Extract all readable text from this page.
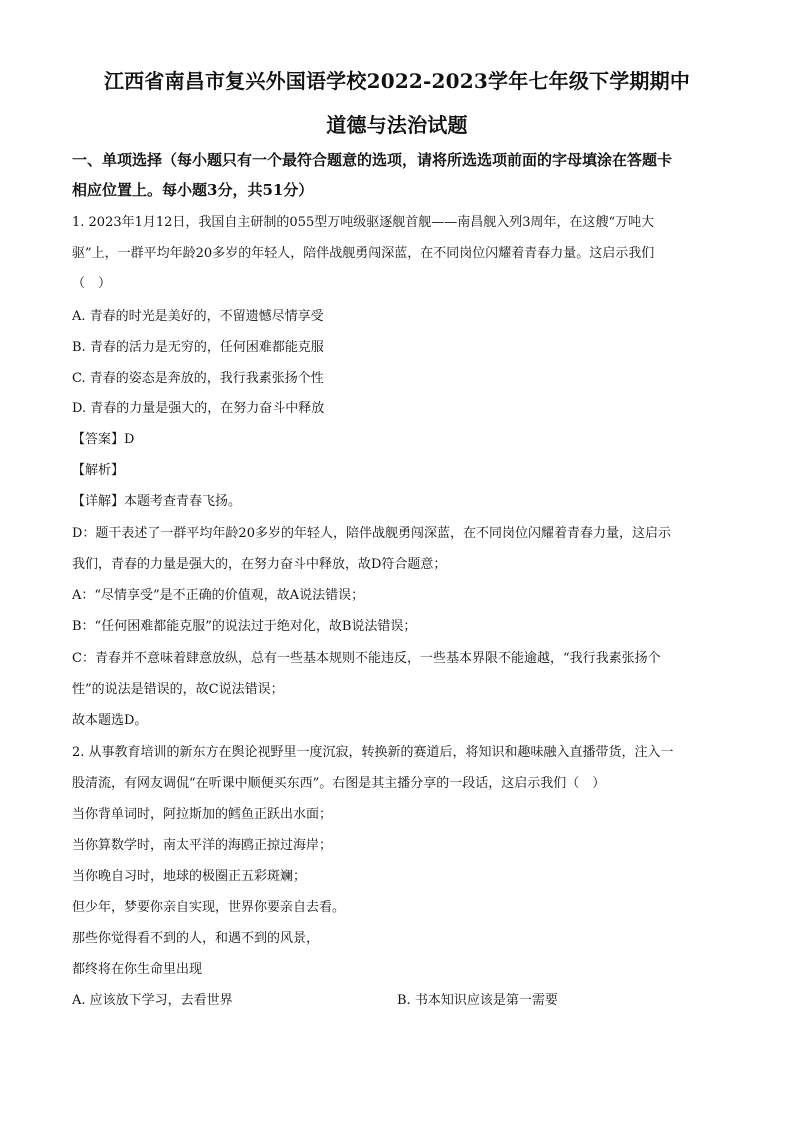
江西省南昌市复兴外国语学校2022-2023学年七年级下学期期中
道德与法治试题
一、单项选择（每小题只有一个最符合题意的选项，请将所选选项前面的字母填涂在答题卡
相应位置上。每小题3分，共51分）
1. 2023年1月12日，我国自主研制的055型万吨级驱逐舰首舰——南昌舰入列3周年，在这艘“万吨大
驱”上，一群平均年龄20多岁的年轻人，陪伴战舰勇闯深蓝，在不同岗位闪耀着青春力量。这启示我们
（　）
A. 青春的时光是美好的，不留遗憾尽情享受
B. 青春的活力是无穷的，任何困难都能克服
C. 青春的姿态是奔放的，我行我素张扬个性
D. 青春的力量是强大的，在努力奋斗中释放
【答案】D
【解析】
【详解】本题考查青春飞扬。
D：题干表述了一群平均年龄20多岁的年轻人，陪伴战舰勇闯深蓝，在不同岗位闪耀着青春力量，这启示
我们，青春的力量是强大的，在努力奋斗中释放，故D符合题意；
A：“尽情享受”是不正确的价值观，故A说法错误；
B：“任何困难都能克服”的说法过于绝对化，故B说法错误；
C：青春并不意味着肆意放纵，总有一些基本规则不能违反，一些基本界限不能逾越，“我行我素张扬个
性”的说法是错误的，故C说法错误；
故本题选D。
2. 从事教育培训的新东方在舆论视野里一度沉寂，转换新的赛道后，将知识和趣味融入直播带货，注入一
股清流，有网友调侃“在听课中顺便买东西”。右图是其主播分享的一段话，这启示我们（　）
当你背单词时，阿拉斯加的鳕鱼正跃出水面；
当你算数学时，南太平洋的海鸥正掠过海岸；
当你晚自习时，地球的极圈正五彩斑斓；
但少年，梦要你亲自实现，世界你要亲自去看。
那些你觉得看不到的人，和遇不到的风景，
都终将在你生命里出现
A. 应该放下学习，去看世界	B. 书本知识应该是第一需要
